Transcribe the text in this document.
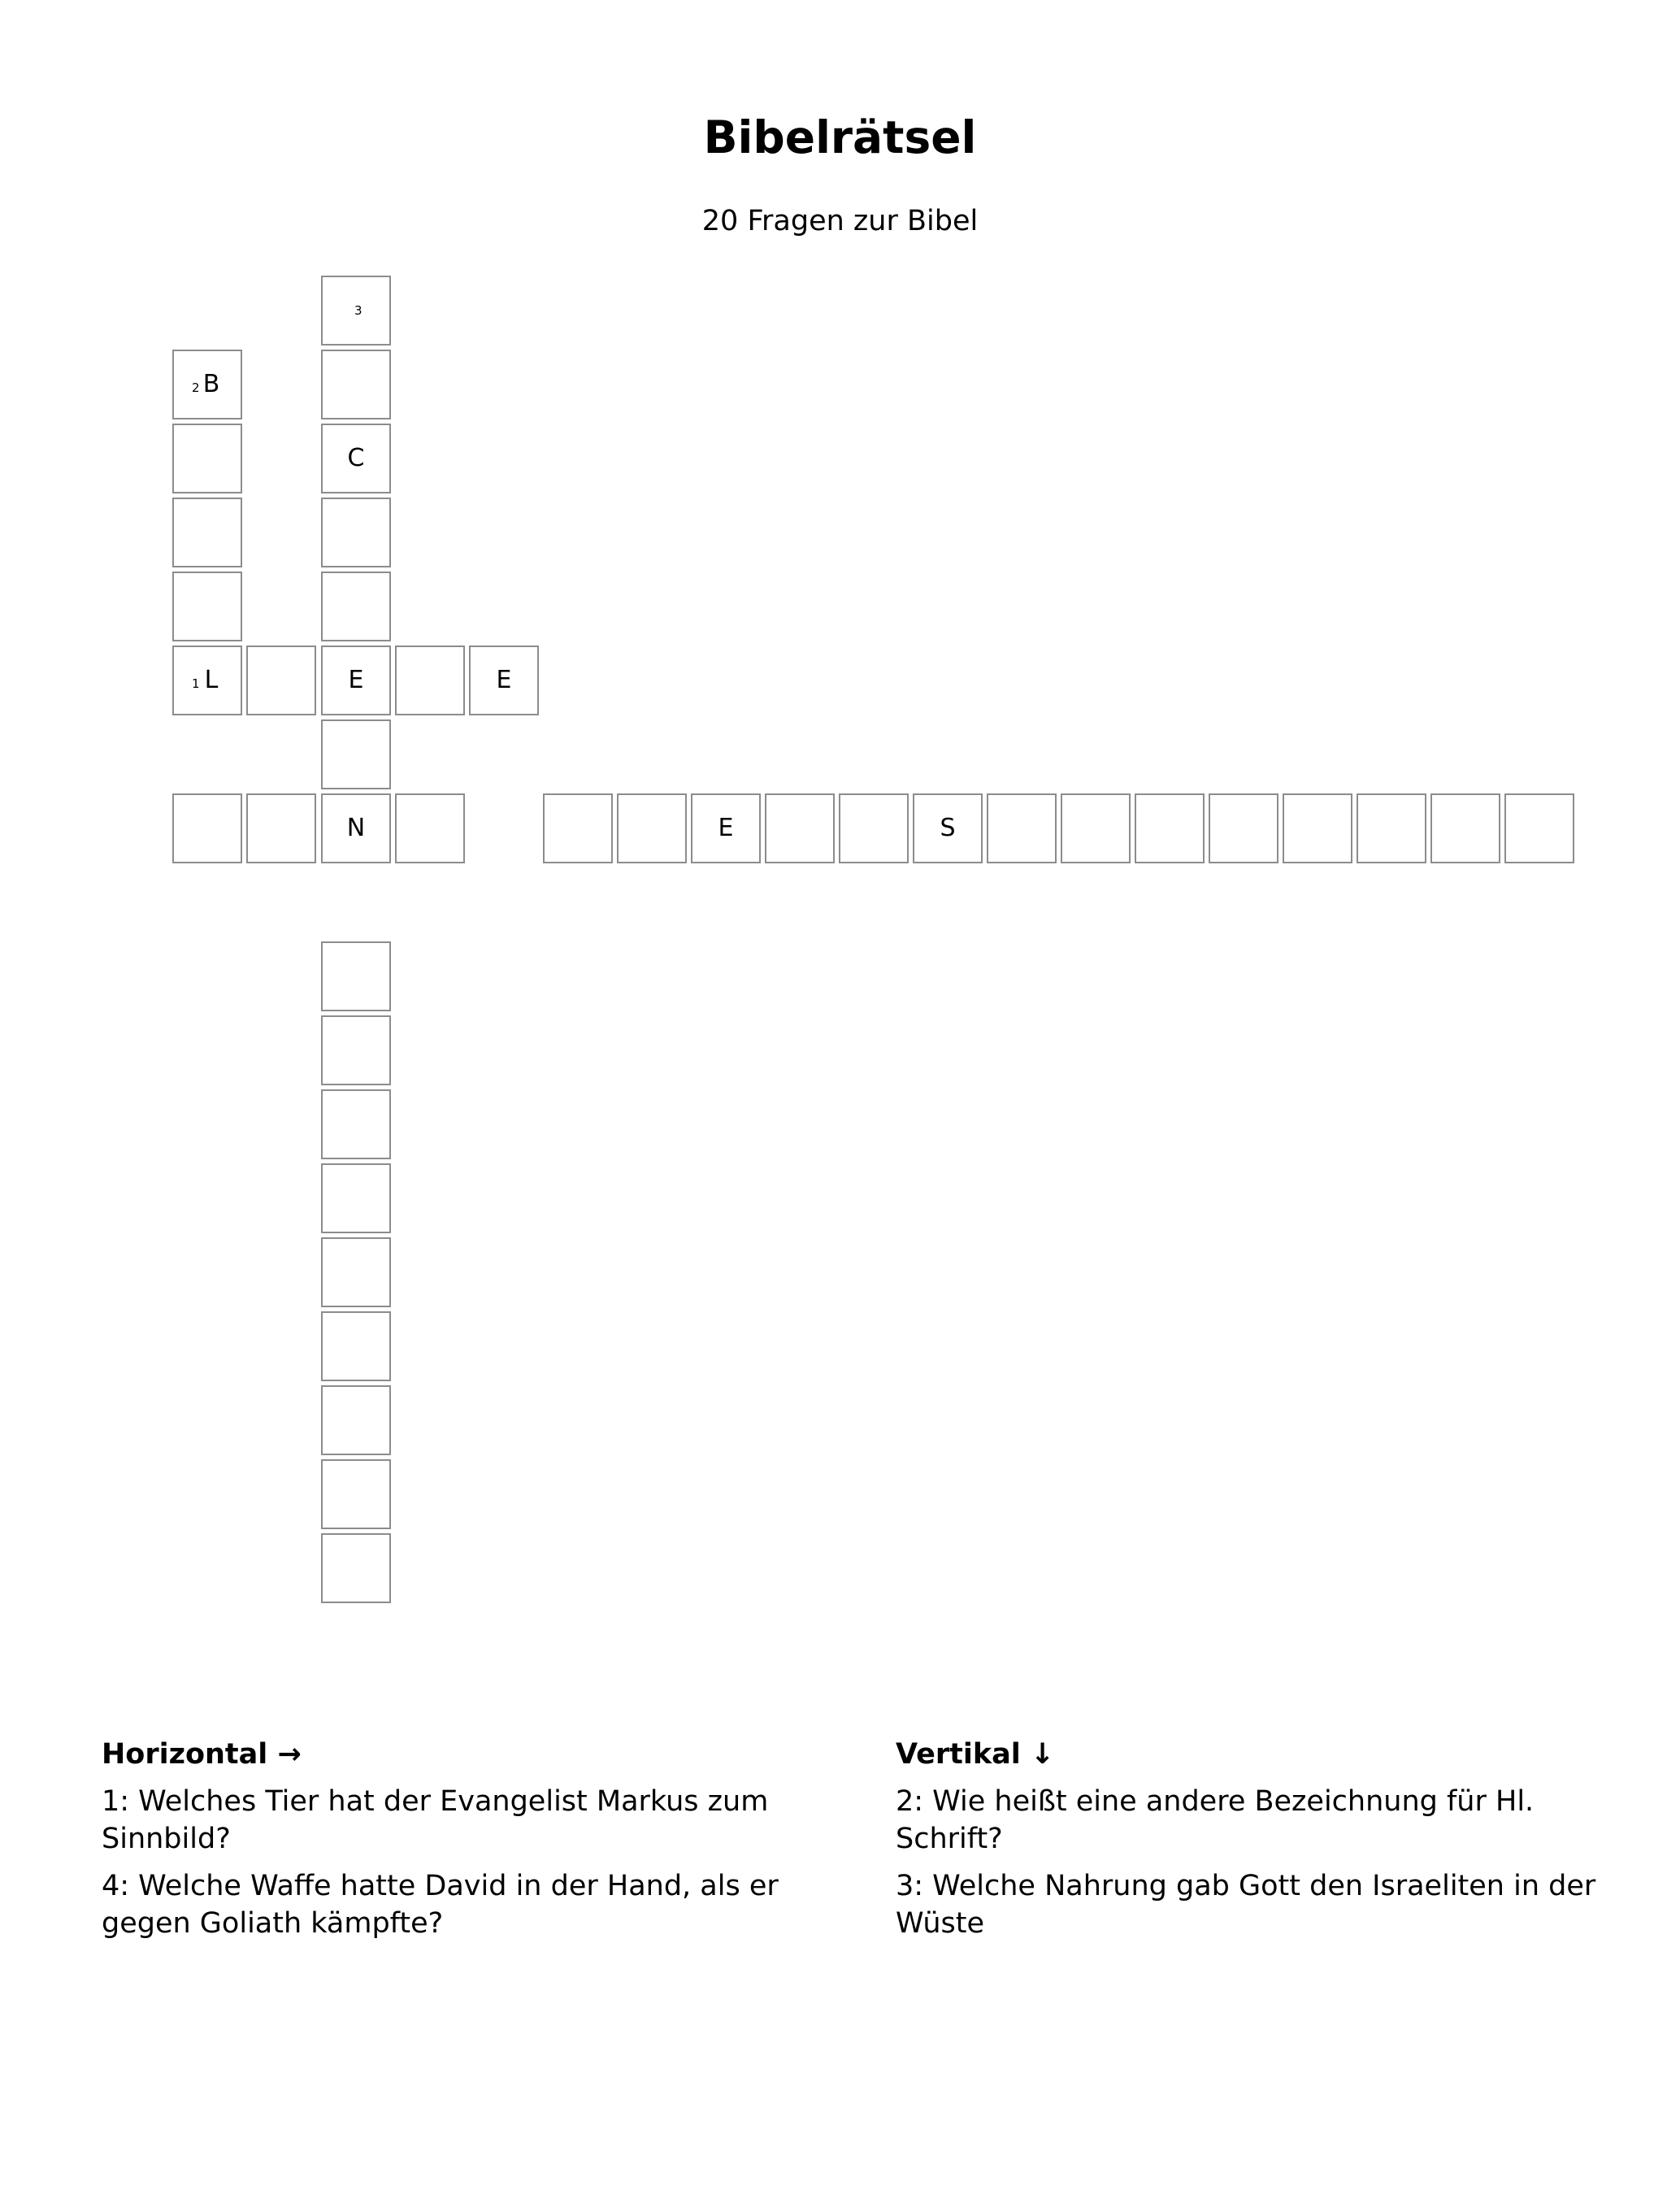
Bibelrätsel
20 Fragen zur Bibel
3
C
2 B
1 L	E	E
N	E	S
Horizontal →
1: Welches Tier hat der Evangelist Markus zum Sinnbild?
4: Welche Waffe hatte David in der Hand, als er gegen Goliath kämpfte?
Vertikal ↓
2: Wie heißt eine andere Bezeichnung für Hl. Schrift?
3: Welche Nahrung gab Gott den Israeliten in der Wüste
